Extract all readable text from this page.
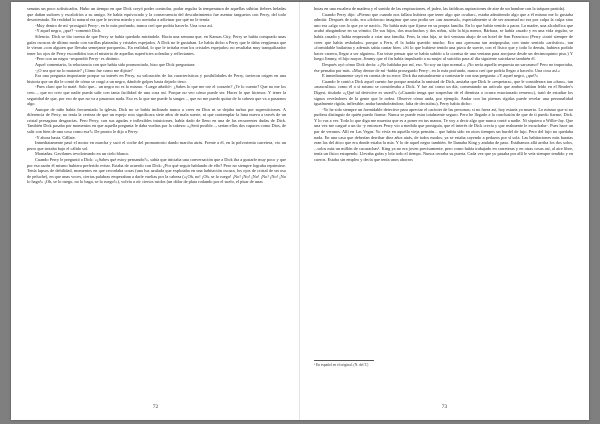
senatus un poco sofisticados. Hubo un tiempo en que Dick creyó poder controlar, podar regular la temperatura de aquellas súbitas fiebres heladas que dañan sudores y escalofríos a su amigo. Se había equivocado y la consecuencia del descubrimiento fue asentar tanguetos con Perry, del todo desorientado. En realidad lo natural era que le tuviera miedo y no acertaba a adivinar por qué no le temía.

-Muy dentro de mí -prosiguió Perry-, en lo más profundo, nunca creí que podría hacerlo. Una cosa así.

-Y aquel negro, ¿qué? -comentó Dick.

Silencio. Dick se dio cuenta de que Perry se había quedado mirándole. Hacía una semana que, en Kansas City, Perry se había comprado unas gafas oscuras de último modo con varillas plateadas y cristales espejados. A Dick no le gustaban. Le había dicho a Perry que le daba vergüenza que le vieran «con alguien que llevaba semejante porquería». En realidad, lo que le irritaba eran los cristales espejados: no resultaba muy tranquilizador tener los ojos de Perry escondidos tras el misterio de aquellas superficies soleadas y reflectantes.

-Pero con un negro -respondió Perry- es distinto.

Aquel comentario, la reluctancia con que había sido pronunciado, hizo que Dick preguntara:

-¿O sea que no lo mataste? ¿Cómo fue como me dijiste?

Era una pregunta importante porque su interés en Perry, su valoración de las características y posibilidades de Perry, tuvieron origen en una historia que un día le contó de cómo se cargó a un negro, dándole golpes hasta dejarlo tieso.

-Pues claro que lo maté. Solo que... un negro no es lo mismo. -Luego añadió-: ¿Sabes lo que me roe el corazón? ¿Te lo cuento? Que no me los creo..., que no creo que nadie pueda salir con tanta facilidad de una cosa así. Porque no veo cómo puede ser. Hacer lo que hicimos. Y tener la seguridad de que, por eso de que no va a pasarnos nada. Eso es lo que me puede la sangre..., que no me puedo quitar de la cabeza que va a pasarnos algo.

Aunque de niño había frecuentado la iglesia, Dick no se había inclinado nunca a creer en Dios ni se dejaba turbar por supersticiones. A diferencia de Perry, no tenía la certeza de que un espejo roto significara siete años de mala suerte, ni que contemplar la luna nueva a través de un cristal presagiara desgracias. Pero Perry, con sus agudas e inflexibles intuiciones, había dado de lleno en una de las recurrentes dudas de Dick. También Dick pasaba por momentos en que aquella pregunta le daba vueltas por la cabeza: «¿Será posible..., serían ellos dos capaces como Dios, de salir con bien de una cosa como esa?» De pronto le dijo a Perry:

-Y ahora basta. Cállate.

Inmediatamente pasó el motor en marcha y sacó el coche del promontorio dando marcha atrás. Frente a él, en la polvorienta carretera, vio un perro que trotaba bajo el cálido sol.

Montañas. Gavilanes revoloteando en un cielo blanco.

Cuando Perry le preguntó a Dick: «¿Sabes qué estoy pensando?», sabía que iniciaba una conversación que a Dick iba a gustarle muy poco y que por esa razón él mismo hubiera preferido evitar. Estaba de acuerdo con Dick: ¿Por qué seguir hablando de ello? Pero no siempre lograba reprimirse. Tenía lapsos de debilidad, momentos en que recordaba cosas (una luz azulada que explotaba en una habitación oscura, los ojos de cristal de un oso de peluche), en que unas voces, ciertas palabras empezaban a darle vueltas por la cabeza («¡Oh, no! ¡Oh, se lo ruego! ¡No! ¡No! ¡No! ¡No! ¡No! ¡No lo haga!» ¡Oh, se lo ruego, no lo haga, se lo ruego!»), volvía a oír ciertos ruidos (un dólar de plata rodando por el suelo, el pisar de unas

72

botas en una escalera de madera y el sonido de las respiraciones, el jadeo, las fatídicas aspiraciones de aire de un hombre con la tráquea partida).

Cuando Perry dijo: «Pienso que cuando nos fallara hubiera que tener algo que ocultar», estaba admitiendo algo que a él mismo me lo gustaba admitir. Después de todo, era «doloroso imaginar que uno podía ser «un anormal», especialmente si de ser anormal no era por culpa la culpa sino uno era «algo con lo que yo se nació». No había más que fijarse en su propia familia. En lo que había venido a parar. La madre, una alcohólica que acabó ahogándose en su vómito. De sus hijos, dos muchachos y dos niñas, sólo la hija menor, Bárbara, se había casado y en una vida regular, se había casado y había empezado a criar una familia. Fern, la otra hija, se tiró ventana abajo de un hotel de San Francisco (Perry «trató siempre de creer que había resbalado» porque a Fern, él la había querido mucho. Era una «persona tan antipopular, con tanto sentido «artístico», tan «formidable bailarina y además sabía cantar bien. «Si lo que hubiese tenido una pizca de suerte, con el físico que y todo lo demás, hubiera podido hacer carrera, llegar a ser alguien». Era triste pensar que se había subido a la cornisa de una ventana para arrojarse desde un decimoquinto piso.) Y luego Jimmy, el hijo mayor, Jimmy que el fin había impulsado a su mujer al suicidio para al día siguiente suicidarse también él.

Después oyó cómo Dick decía: «¡No hablaba por mí, eso. Yo soy un tipo normal.» ¡No sería aquella respuesta un sarcasmo? Pero no importaba, ése pensaba por más. «Muy dentro de mí -había proseguido Perry-, en lo más profundo, nunca creí que podría llegar a hacerlo. Una cosa así.»

E inmediatamente cayó en cuenta de su error: Dick iba naturalmente a contestarle con una pregunta: «Y aquel negro, ¿qué?»

Cuando le contó a Dick aquel cuento fue porque ansiaba la amistad de Dick, ansiaba que Dick le «respetara», que le considerara tan «duro», tan «masculino» como él a sí mismo se consideraba a Dick. Y fue así como un día, comentando un artículo que ambos habían leído en el Reader's Digest, titulado «¿Qué tal detective es usted?» («Cuando tenga que sospechar de el dientista o ocurra estacionado remero»), trató de estudiar los signos reveladores de la gente que le rodea. Observe cómo anda, por ejemplo. Andar con las piernas rígidas puede revelar una personalidad igualmente rígida, inflexible; andar bamboleándose, falta de decisión»), Perry había dicho:

-Yo he sido siempre un formidable detective para apreciar el carácter de las personas; si no fuera así, hoy estaría ya muerto. Lo mismo que si no pudiera distinguir de quién puedo fiarme. Nunca se puede estar totalmente seguro. Pero he llegado a la conclusión de que de ti puedo fiarme, Dick. Y lo vas a ver. Todo lo que diga me muestra que es a poner en tus manos. Te voy a decir algo que nunca conté a nadie. Ni siquiera a Willie-Jay. Que una vez me cargué a un tío -y entonces Perry vio a medida que prosiguía, que el interés de Dick crecía y que realmente le escuchaba-. Pues hace un par de veranos. Allí en Las Vegas. Yo vivía en aquella vieja pensión... que había sido en otros tiempos un burdel de lujo. Pero del lujo no quedaba nada. En una casa que deberían derribar diez años atrás, de todos modos, ya se estaba cayendo a pedazos por sí sola. Las habitaciones más baratas eran las del ático que era donde estaba la mía. Y lo de aquel negro también. Se llamaba King y andaba de paso. Estábamos allá arriba los dos solos, ...solos más un millón de cucarachas¹. King ya no era joven precisamente, pero como había trabajado en carreteras y en otras cosas así, al aire libre, tenía un físico estupendo. Llevaba gafas y leía todo el tiempo. Nunca cerraba su puerta. Cada vez que yo pasaba por allí le veía siempre tendido y en cueros. Estaba sin empleo y decía que tenía unos ahorros

¹ En español en el original. (N. del T.)
73
